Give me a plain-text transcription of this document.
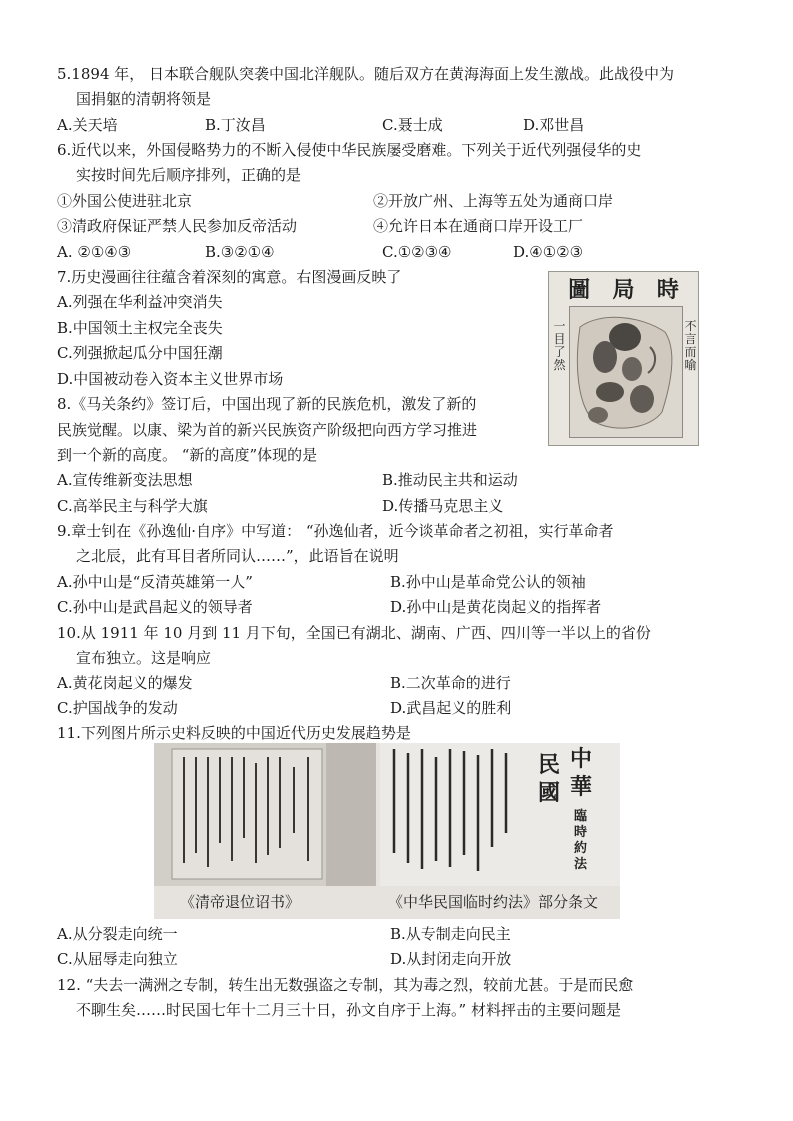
5.1894 年， 日本联合舰队突袭中国北洋舰队。随后双方在黄海海面上发生激战。此战役中为
国捐躯的清朝将领是
A.关天培	B.丁汝昌	C.聂士成	D.邓世昌
6.近代以来，外国侵略势力的不断入侵使中华民族屡受磨难。下列关于近代列强侵华的史
实按时间先后顺序排列，正确的是
①外国公使进驻北京	②开放广州、上海等五处为通商口岸
③清政府保证严禁人民参加反帝活动	④允许日本在通商口岸开设工厂
A. ②①④③	B.③②①④	C.①②③④	D.④①②③
7.历史漫画往往蕴含着深刻的寓意。右图漫画反映了
A.列强在华利益冲突消失
B.中国领土主权完全丧失
C.列强掀起瓜分中国狂潮
D.中国被动卷入资本主义世界市场
圖 局 時
一目了然
不言而喻
8.《马关条约》签订后，中国出现了新的民族危机，激发了新的
民族觉醒。以康、梁为首的新兴民族资产阶级把向西方学习推进
到一个新的高度。 “新的高度”体现的是
A.宣传维新变法思想	B.推动民主共和运动
C.高举民主与科学大旗	D.传播马克思主义
9.章士钊在《孙逸仙·自序》中写道： “孙逸仙者，近今谈革命者之初祖，实行革命者
之北辰，此有耳目者所同认……”，此语旨在说明
A.孙中山是“反清英雄第一人”	B.孙中山是革命党公认的领袖
C.孙中山是武昌起义的领导者	D.孙中山是黄花岗起义的指挥者
10.从 1911 年 10 月到 11 月下旬，全国已有湖北、湖南、广西、四川等一半以上的省份
宣布独立。这是响应
A.黄花岗起义的爆发	B.二次革命的进行
C.护国战争的发动	D.武昌起义的胜利
11.下列图片所示史料反映的中国近代历史发展趋势是
中
華
民
國
臨
時
約
法
《清帝退位诏书》	《中华民国临时约法》部分条文
A.从分裂走向统一	B.从专制走向民主
C.从屈辱走向独立	D.从封闭走向开放
12. “夫去一满洲之专制，转生出无数强盗之专制，其为毒之烈，较前尤甚。于是而民愈
不聊生矣……时民国七年十二月三十日，孙文自序于上海。” 材料抨击的主要问题是
